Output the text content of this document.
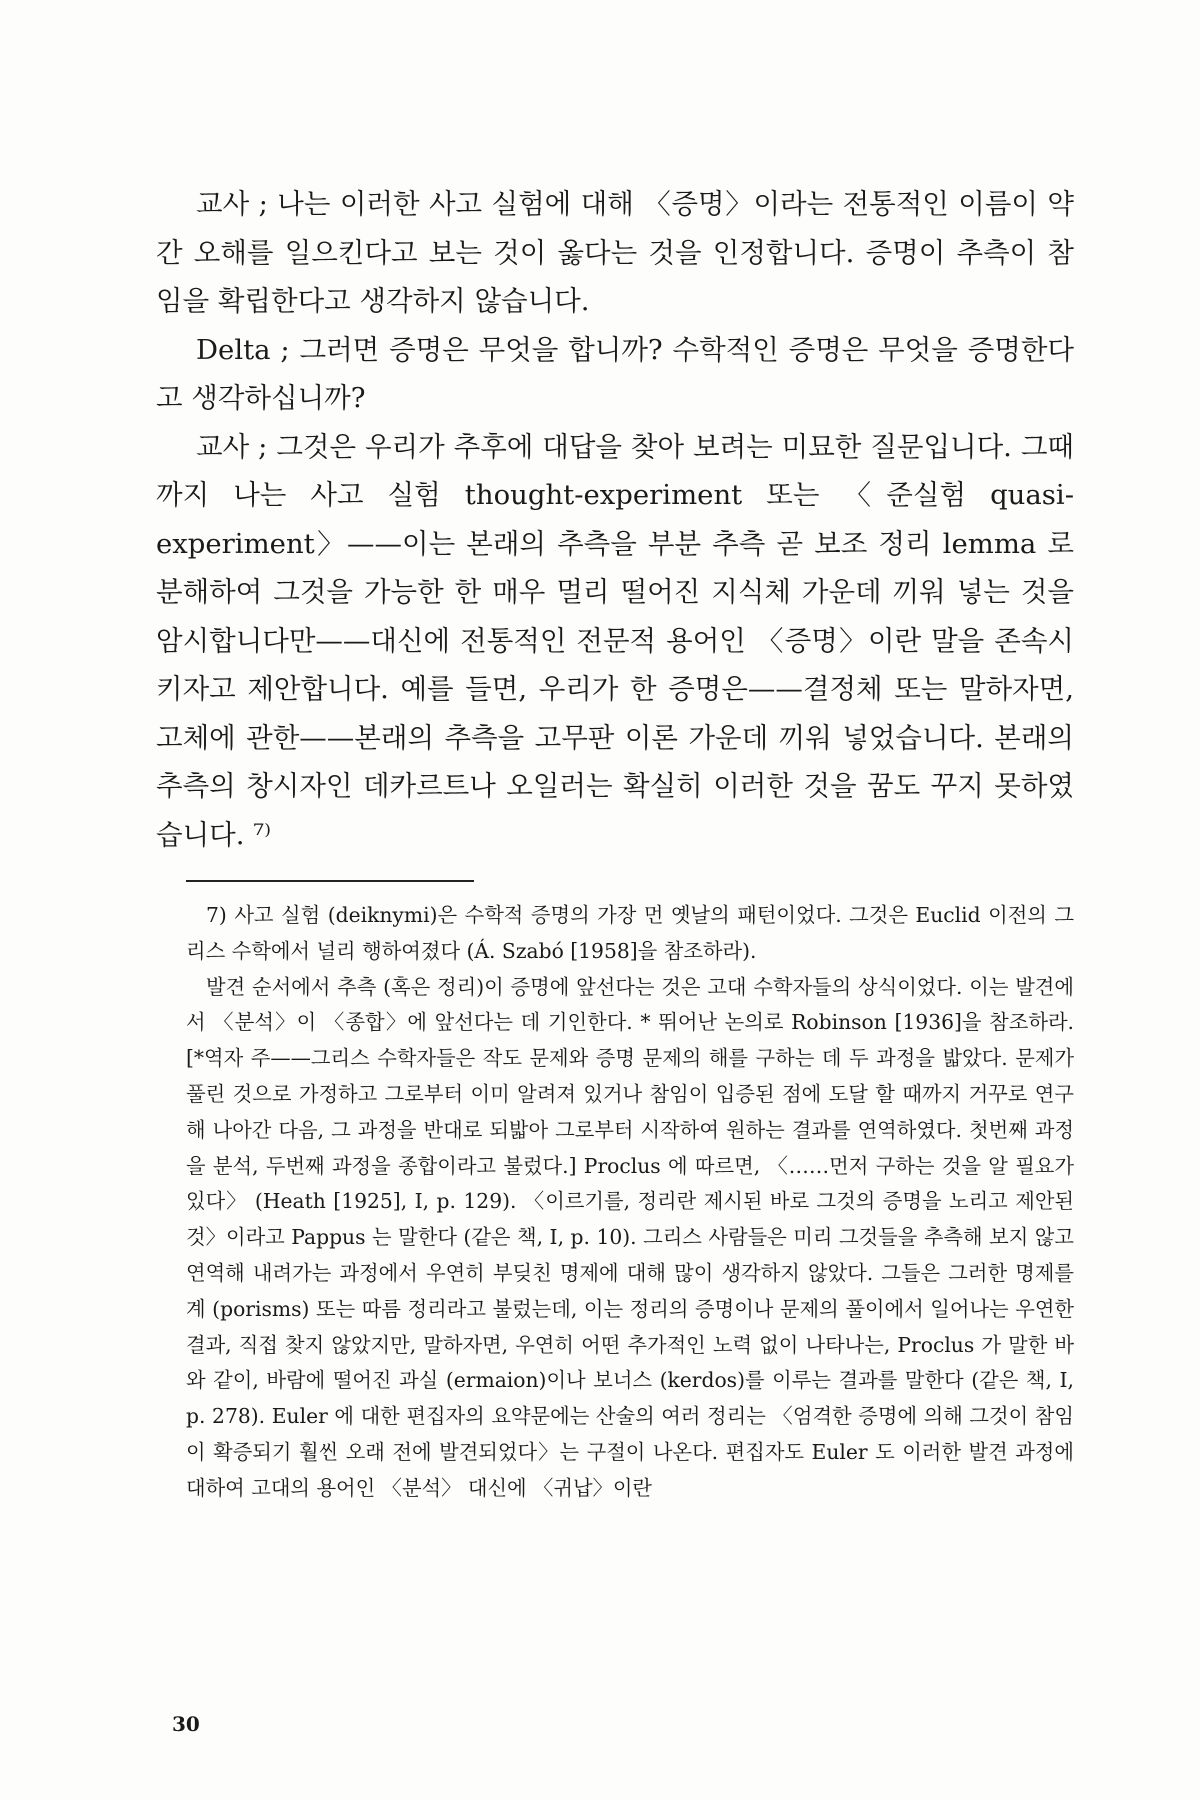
교사 ; 나는 이러한 사고 실험에 대해 〈증명〉이라는 전통적인 이름이 약간 오해를 일으킨다고 보는 것이 옳다는 것을 인정합니다. 증명이 추측이 참임을 확립한다고 생각하지 않습니다.

Delta ; 그러면 증명은 무엇을 합니까? 수학적인 증명은 무엇을 증명한다고 생각하십니까?

교사 ; 그것은 우리가 추후에 대답을 찾아 보려는 미묘한 질문입니다. 그때까지 나는 사고 실험 thought-experiment 또는 〈준실험 quasi-experiment〉——이는 본래의 추측을 부분 추측 곧 보조 정리 lemma 로 분해하여 그것을 가능한 한 매우 멀리 떨어진 지식체 가운데 끼워 넣는 것을 암시합니다만——대신에 전통적인 전문적 용어인 〈증명〉이란 말을 존속시키자고 제안합니다. 예를 들면, 우리가 한 증명은——결정체 또는 말하자면, 고체에 관한——본래의 추측을 고무판 이론 가운데 끼워 넣었습니다. 본래의 추측의 창시자인 데카르트나 오일러는 확실히 이러한 것을 꿈도 꾸지 못하였습니다. ⁷⁾

7) 사고 실험 (deiknymi)은 수학적 증명의 가장 먼 옛날의 패턴이었다. 그것은 Euclid 이전의 그리스 수학에서 널리 행하여졌다 (Á. Szabó [1958]을 참조하라).

발견 순서에서 추측 (혹은 정리)이 증명에 앞선다는 것은 고대 수학자들의 상식이었다. 이는 발견에서 〈분석〉이 〈종합〉에 앞선다는 데 기인한다. * 뛰어난 논의로 Robinson [1936]을 참조하라. [*역자 주——그리스 수학자들은 작도 문제와 증명 문제의 해를 구하는 데 두 과정을 밟았다. 문제가 풀린 것으로 가정하고 그로부터 이미 알려져 있거나 참임이 입증된 점에 도달 할 때까지 거꾸로 연구해 나아간 다음, 그 과정을 반대로 되밟아 그로부터 시작하여 원하는 결과를 연역하였다. 첫번째 과정을 분석, 두번째 과정을 종합이라고 불렀다.] Proclus 에 따르면, 〈……먼저 구하는 것을 알 필요가 있다〉 (Heath [1925], I, p. 129). 〈이르기를, 정리란 제시된 바로 그것의 증명을 노리고 제안된 것〉이라고 Pappus 는 말한다 (같은 책, I, p. 10). 그리스 사람들은 미리 그것들을 추측해 보지 않고 연역해 내려가는 과정에서 우연히 부딪친 명제에 대해 많이 생각하지 않았다. 그들은 그러한 명제를 계 (porisms) 또는 따름 정리라고 불렀는데, 이는 정리의 증명이나 문제의 풀이에서 일어나는 우연한 결과, 직접 찾지 않았지만, 말하자면, 우연히 어떤 추가적인 노력 없이 나타나는, Proclus 가 말한 바와 같이, 바람에 떨어진 과실 (ermaion)이나 보너스 (kerdos)를 이루는 결과를 말한다 (같은 책, I, p. 278). Euler 에 대한 편집자의 요약문에는 산술의 여러 정리는 〈엄격한 증명에 의해 그것이 참임이 확증되기 훨씬 오래 전에 발견되었다〉는 구절이 나온다. 편집자도 Euler 도 이러한 발견 과정에 대하여 고대의 용어인 〈분석〉 대신에 〈귀납〉이란

30
